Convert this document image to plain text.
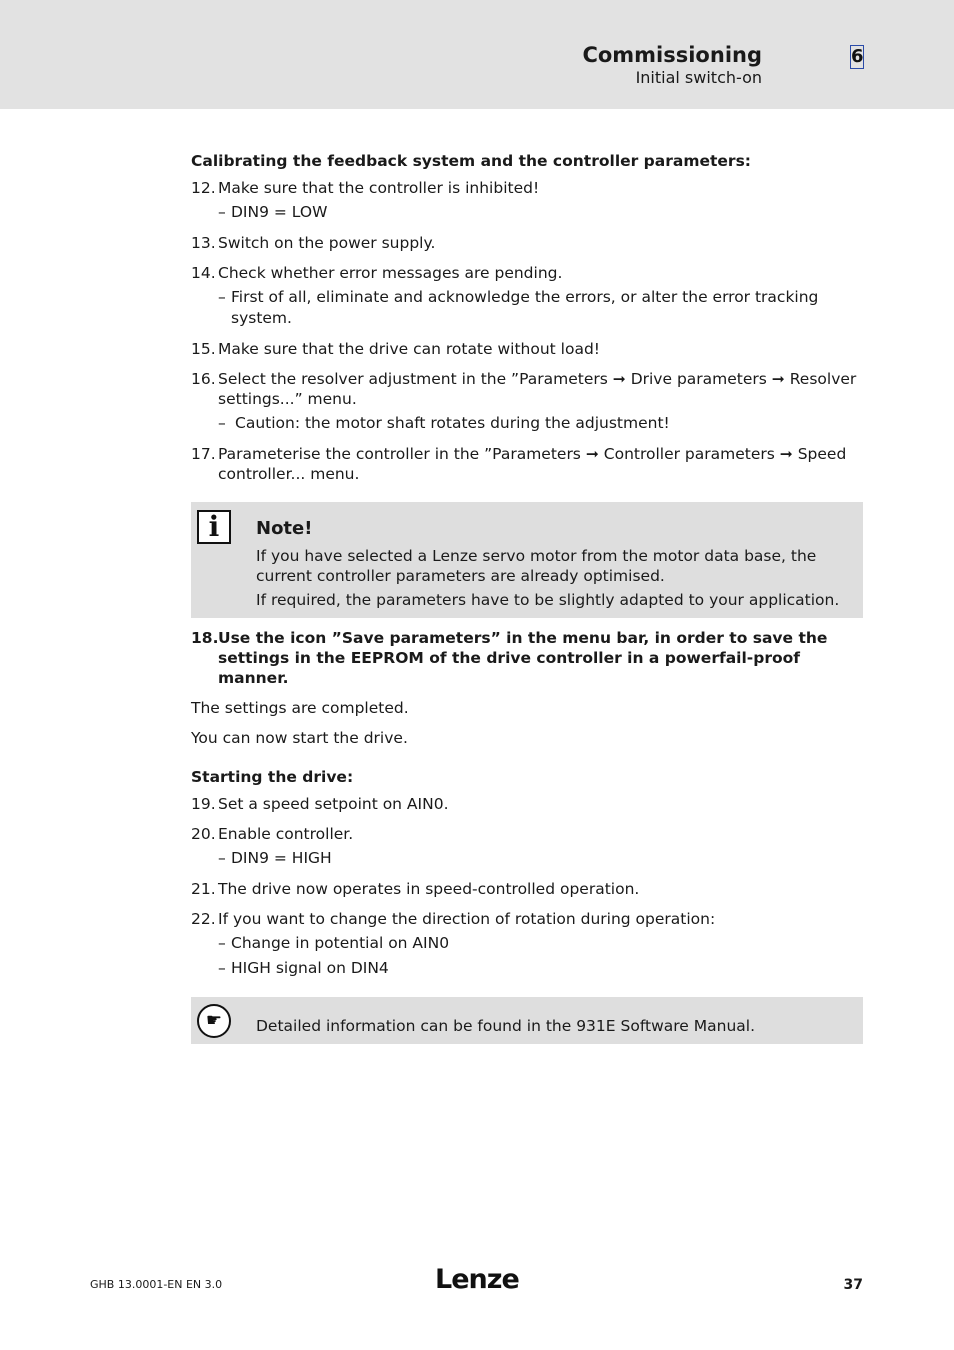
Commissioning
Initial switch-on
6
Calibrating the feedback system and the controller parameters:
12. Make sure that the controller is inhibited!
– DIN9 = LOW
13. Switch on the power supply.
14. Check whether error messages are pending.
– First of all, eliminate and acknowledge the errors, or alter the error tracking system.
15. Make sure that the drive can rotate without load!
16. Select the resolver adjustment in the ”Parameters ➞ Drive parameters ➞ Resolver settings...” menu.
– Caution: the motor shaft rotates during the adjustment!
17. Parameterise the controller in the ”Parameters ➞ Controller parameters ➞ Speed controller... menu.
i	Note!
If you have selected a Lenze servo motor from the motor data base, the current controller parameters are already optimised.
If required, the parameters have to be slightly adapted to your application.
18. Use the icon ”Save parameters” in the menu bar, in order to save the settings in the EEPROM of the drive controller in a powerfail-proof manner.
The settings are completed.
You can now start the drive.
Starting the drive:
19. Set a speed setpoint on AIN0.
20. Enable controller.
– DIN9 = HIGH
21. The drive now operates in speed-controlled operation.
22. If you want to change the direction of rotation during operation:
– Change in potential on AIN0
– HIGH signal on DIN4
☛	Detailed information can be found in the 931E Software Manual.
GHB 13.0001-EN EN 3.0	Lenze	37
